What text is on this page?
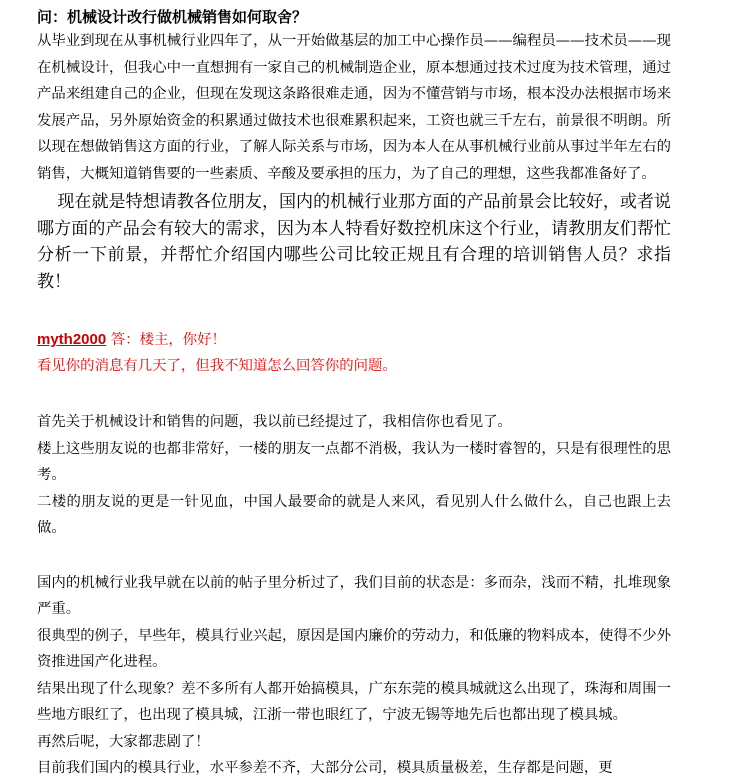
问：机械设计改行做机械销售如何取舍？
从毕业到现在从事机械行业四年了，从一开始做基层的加工中心操作员——编程员——技术员——现在机械设计，但我心中一直想拥有一家自己的机械制造企业，原本想通过技术过度为技术管理，通过产品来组建自己的企业，但现在发现这条路很难走通，因为不懂营销与市场，根本没办法根据市场来发展产品，另外原始资金的积累通过做技术也很难累积起来，工资也就三千左右，前景很不明朗。所以现在想做销售这方面的行业，了解人际关系与市场，因为本人在从事机械行业前从事过半年左右的销售，大概知道销售要的一些素质、辛酸及要承担的压力，为了自己的理想，这些我都准备好了。
现在就是特想请教各位朋友，国内的机械行业那方面的产品前景会比较好，或者说哪方面的产品会有较大的需求，因为本人特看好数控机床这个行业，请教朋友们帮忙分析一下前景，并帮忙介绍国内哪些公司比较正规且有合理的培训销售人员？求指教！
myth2000 答：楼主，你好！
看见你的消息有几天了，但我不知道怎么回答你的问题。
首先关于机械设计和销售的问题，我以前已经提过了，我相信你也看见了。
楼上这些朋友说的也都非常好，一楼的朋友一点都不消极，我认为一楼时睿智的，只是有很理性的思考。
二楼的朋友说的更是一针见血，中国人最要命的就是人来风，看见别人什么做什么，自己也跟上去做。
国内的机械行业我早就在以前的帖子里分析过了，我们目前的状态是：多而杂，浅而不精，扎堆现象严重。
很典型的例子，早些年，模具行业兴起，原因是国内廉价的劳动力，和低廉的物料成本，使得不少外资推进国产化进程。
结果出现了什么现象？差不多所有人都开始搞模具，广东东莞的模具城就这么出现了，珠海和周围一些地方眼红了，也出现了模具城，江浙一带也眼红了，宁波无锡等地先后也都出现了模具城。
再然后呢，大家都悲剧了！
目前我们国内的模具行业，水平参差不齐，大部分公司，模具质量极差，生存都是问题，更
